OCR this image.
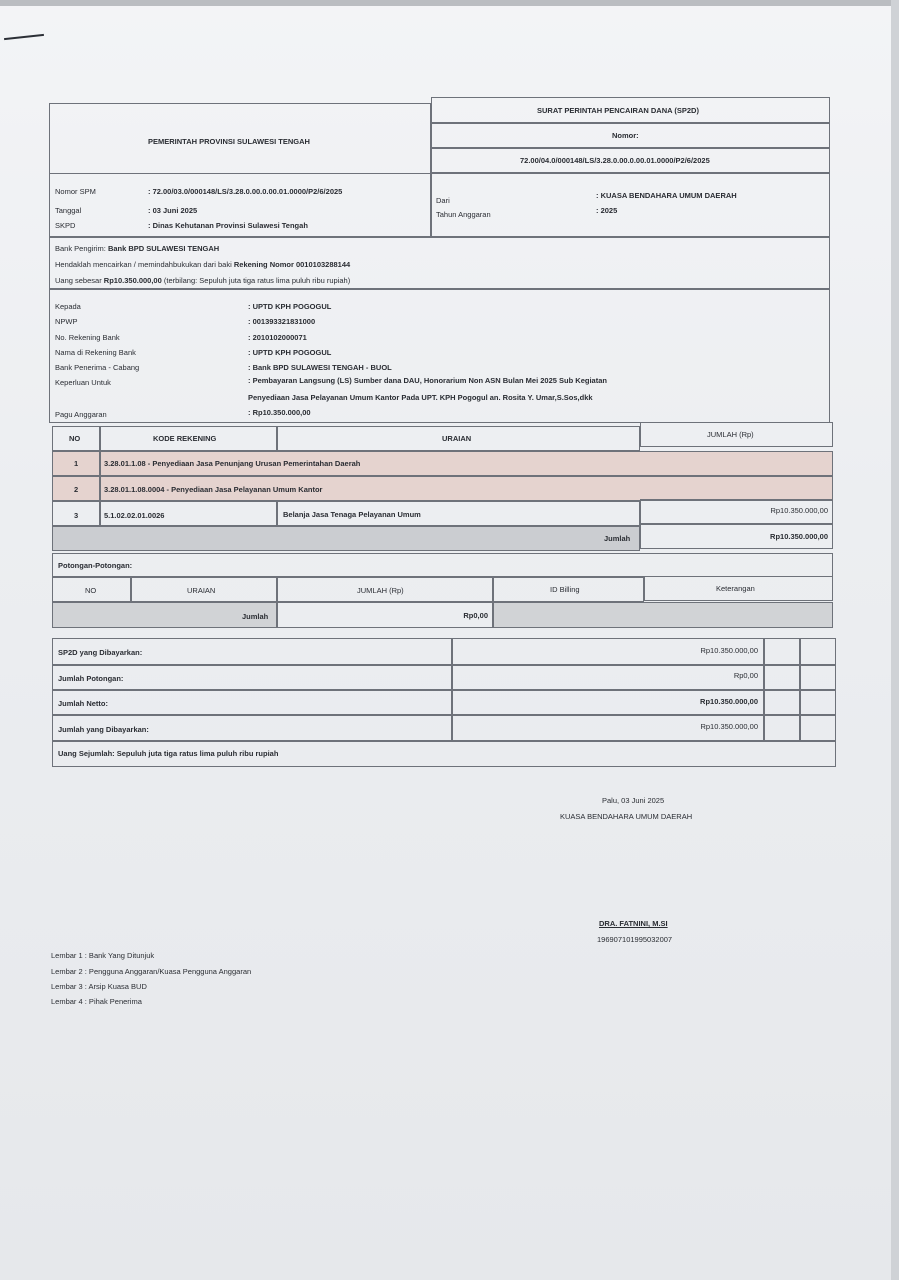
PEMERINTAH PROVINSI SULAWESI TENGAH
SURAT PERINTAH PENCAIRAN DANA (SP2D)
Nomor:
72.00/04.0/000148/LS/3.28.0.00.0.00.01.0000/P2/6/2025
Nomor SPM	: 72.00/03.0/000148/LS/3.28.0.00.0.00.01.0000/P2/6/2025
Tanggal	: 03 Juni 2025
SKPD	: Dinas Kehutanan Provinsi Sulawesi Tengah
Dari
: KUASA BENDAHARA UMUM DAERAH
Tahun Anggaran	: 2025
Bank Pengirim: Bank BPD SULAWESI TENGAH
Hendaklah mencairkan / memindahbukukan dari baki Rekening Nomor 0010103288144
Uang sebesar Rp10.350.000,00 (terbilang: Sepuluh juta tiga ratus lima puluh ribu rupiah)
Kepada	: UPTD KPH POGOGUL
NPWP	: 001393321831000
No. Rekening Bank	: 2010102000071
Nama di Rekening Bank	: UPTD KPH POGOGUL
Bank Penerima - Cabang	: Bank BPD SULAWESI TENGAH - BUOL
Keperluan Untuk	: Pembayaran Langsung (LS) Sumber dana DAU, Honorarium Non ASN Bulan Mei 2025 Sub Kegiatan
Penyediaan Jasa Pelayanan Umum Kantor Pada UPT. KPH Pogogul an. Rosita Y. Umar,S.Sos,dkk
Pagu Anggaran	: Rp10.350.000,00
NO	KODE REKENING	URAIAN	JUMLAH (Rp)
1	3.28.01.1.08 - Penyediaan Jasa Penunjang Urusan Pemerintahan Daerah
2	3.28.01.1.08.0004 - Penyediaan Jasa Pelayanan Umum Kantor
3	5.1.02.02.01.0026	Belanja Jasa Tenaga Pelayanan Umum	Rp10.350.000,00
Jumlah	Rp10.350.000,00
Potongan-Potongan:
NO	URAIAN	JUMLAH (Rp)	ID Billing	Keterangan
Jumlah	Rp0,00
SP2D yang Dibayarkan:	Rp10.350.000,00
Jumlah Potongan:	Rp0,00
Jumlah Netto:	Rp10.350.000,00
Jumlah yang Dibayarkan:	Rp10.350.000,00
Uang Sejumlah: Sepuluh juta tiga ratus lima puluh ribu rupiah
Palu, 03 Juni 2025
KUASA BENDAHARA UMUM DAERAH
DRA. FATNINI, M.SI
196907101995032007
Lembar 1 : Bank Yang Ditunjuk
Lembar 2 : Pengguna Anggaran/Kuasa Pengguna Anggaran
Lembar 3 : Arsip Kuasa BUD
Lembar 4 : Pihak Penerima
